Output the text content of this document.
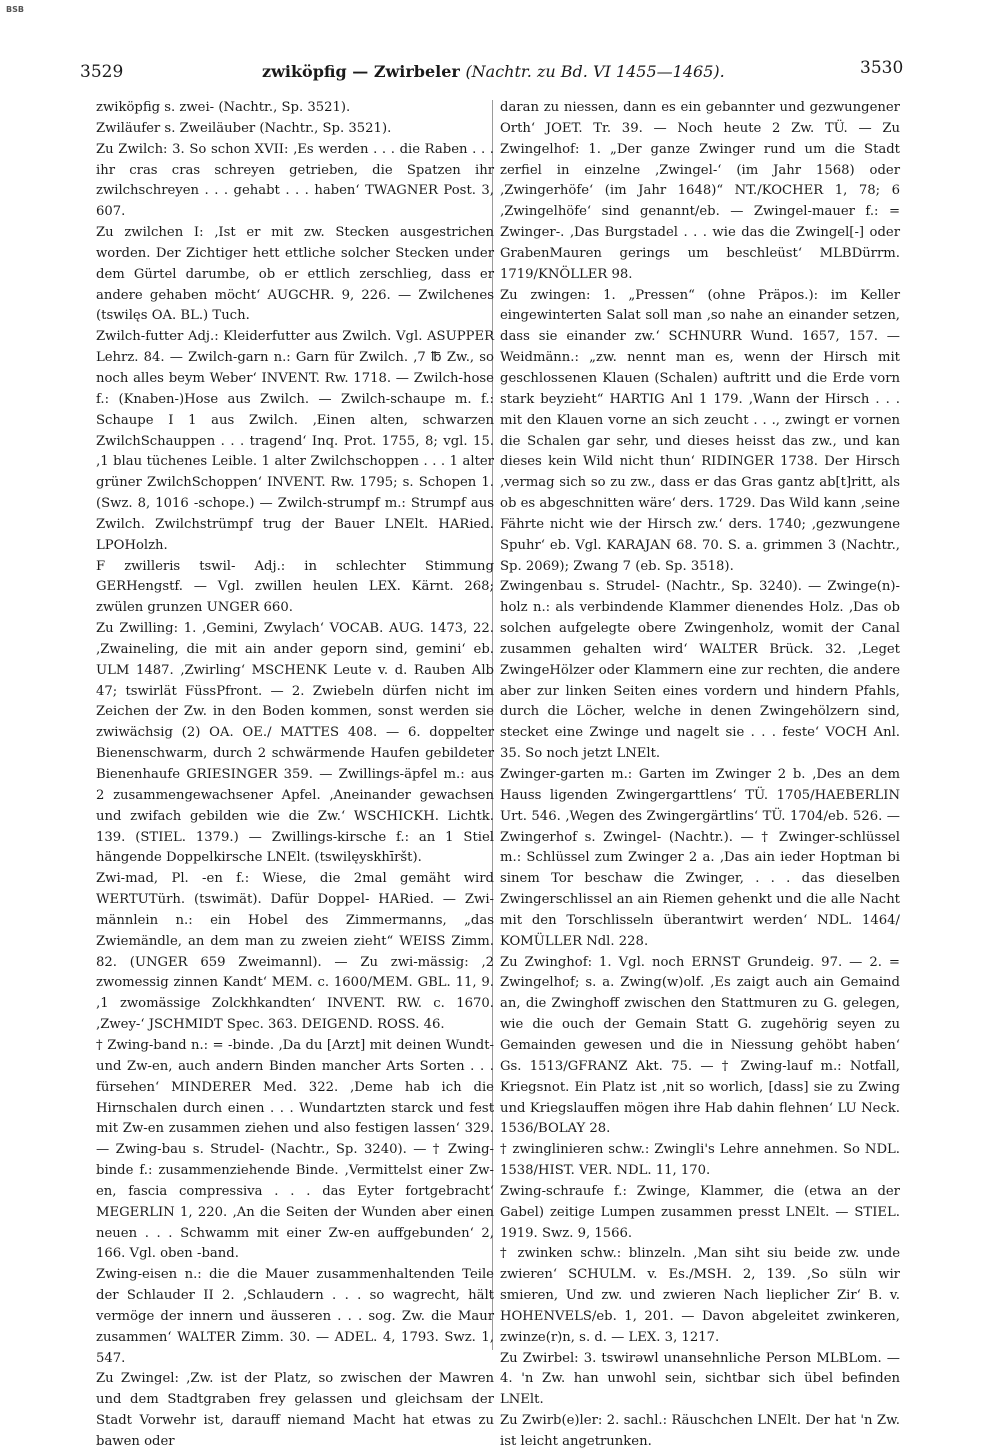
BSB
3529	zwiköpfig — Zwirbeler (Nachtr. zu Bd. VI 1455—1465).	3530

zwiköpfig s. zwei- (Nachtr., Sp. 3521).

Zwiläufer s. Zweiläuber (Nachtr., Sp. 3521).

Zu Zwilch: 3. So schon XVII: ‚Es werden . . . die Raben . . . ihr cras cras schreyen getrieben, die Spatzen ihr zwilchschreyen . . . gehabt . . . haben‘ TWAGNER Post. 3, 607.

Zu zwilchen I: ‚Ist er mit zw. Stecken ausgestrichen worden. Der Zichtiger hett ettliche solcher Stecken under dem Gürtel darumbe, ob er ettlich zerschlieg, dass er andere gehaben möcht‘ AUGCHR. 9, 226. — Zwilchenes (tswilęs OA. BL.) Tuch.

Zwilch-futter Adj.: Kleiderfutter aus Zwilch. Vgl. ASUPPER Lehrz. 84. — Zwilch-garn n.: Garn für Zwilch. ‚7 ℔ Zw., so noch alles beym Weber‘ INVENT. Rw. 1718. — Zwilch-hose f.: (Knaben-)Hose aus Zwilch. — Zwilch-schaupe m. f.: Schaupe I 1 aus Zwilch. ‚Einen alten, schwarzen ZwilchSchauppen . . . tragend‘ Inq. Prot. 1755, 8; vgl. 15. ‚1 blau tüchenes Leible. 1 alter Zwilchschoppen . . . 1 alter grüner ZwilchSchoppen‘ INVENT. Rw. 1795; s. Schopen 1. (Swz. 8, 1016 -schope.) — Zwilch-strumpf m.: Strumpf aus Zwilch. Zwilchstrümpf trug der Bauer LNElt. HARied. LPOHolzh.

F zwilleris tswil- Adj.: in schlechter Stimmung GERHengstf. — Vgl. zwillen heulen LEX. Kärnt. 268; zwülen grunzen UNGER 660.

Zu Zwilling: 1. ‚Gemini, Zwylach‘ VOCAB. AUG. 1473, 22. ‚Zwaineling, die mit ain ander geporn sind, gemini‘ eb. ULM 1487. ‚Zwirling‘ MSCHENK Leute v. d. Rauben Alb 47; tswirlät FüssPfront. — 2. Zwiebeln dürfen nicht im Zeichen der Zw. in den Boden kommen, sonst werden sie zwiwächsig (2) OA. OE./ MATTES 408. — 6. doppelter Bienenschwarm, durch 2 schwärmende Haufen gebildeter Bienenhaufe GRIESINGER 359. — Zwillings-äpfel m.: aus 2 zusammengewachsener Apfel. ‚Aneinander gewachsen und zwifach gebilden wie die Zw.‘ WSCHICKH. Lichtk. 139. (STIEL. 1379.) — Zwillings-kirsche f.: an 1 Stiel hängende Doppelkirsche LNElt. (tswilęyskhīršt).

Zwi-mad, Pl. -en f.: Wiese, die 2mal gemäht wird WERTUTürh. (tswimät). Dafür Doppel- HARied. — Zwi-männlein n.: ein Hobel des Zimmermanns, „das Zwiemändle, an dem man zu zweien zieht“ WEISS Zimm. 82. (UNGER 659 Zweimannl). — Zu zwi-mässig: ‚2 zwomessig zinnen Kandt‘ MEM. c. 1600/MEM. GBL. 11, 9. ‚1 zwomässige Zolckhkandten‘ INVENT. RW. c. 1670. ‚Zwey-‘ JSCHMIDT Spec. 363. DEIGEND. ROSS. 46.

† Zwing-band n.: = -binde. ‚Da du [Arzt] mit deinen Wundt- und Zw-en, auch andern Binden mancher Arts Sorten . . . fürsehen‘ MINDERER Med. 322. ‚Deme hab ich die Hirnschalen durch einen . . . Wundartzten starck und fest mit Zw-en zusammen ziehen und also festigen lassen‘ 329. — Zwing-bau s. Strudel- (Nachtr., Sp. 3240). — † Zwing-binde f.: zusammenziehende Binde. ‚Vermittelst einer Zw-en, fascia compressiva . . . das Eyter fortgebracht‘ MEGERLIN 1, 220. ‚An die Seiten der Wunden aber einen neuen . . . Schwamm mit einer Zw-en auffgebunden‘ 2, 166. Vgl. oben -band.

Zwing-eisen n.: die die Mauer zusammenhaltenden Teile der Schlauder II 2. ‚Schlaudern . . . so wagrecht, hält vermöge der innern und äusseren . . . sog. Zw. die Maur zusammen‘ WALTER Zimm. 30. — ADEL. 4, 1793. Swz. 1, 547.

Zu Zwingel: ‚Zw. ist der Platz, so zwischen der Mawren und dem Stadtgraben frey gelassen und gleichsam der Stadt Vorwehr ist, darauff niemand Macht hat etwas zu bawen oder

daran zu niessen, dann es ein gebannter und gezwungener Orth‘ JOET. Tr. 39. — Noch heute 2 Zw. TÜ. — Zu Zwingelhof: 1. „Der ganze Zwinger rund um die Stadt zerfiel in einzelne ‚Zwingel-‘ (im Jahr 1568) oder ‚Zwingerhöfe‘ (im Jahr 1648)“ NT./KOCHER 1, 78; 6 ‚Zwingelhöfe‘ sind genannt/eb. — Zwingel-mauer f.: = Zwinger-. ‚Das Burgstadel . . . wie das die Zwingel[-] oder GrabenMauren gerings um beschleüst‘ MLBDürrm. 1719/KNÖLLER 98.

Zu zwingen: 1. „Pressen“ (ohne Präpos.): im Keller eingewinterten Salat soll man ‚so nahe an einander setzen, dass sie einander zw.‘ SCHNURR Wund. 1657, 157. — Weidmänn.: „zw. nennt man es, wenn der Hirsch mit geschlossenen Klauen (Schalen) auftritt und die Erde vorn stark beyzieht“ HARTIG Anl 1 179. ‚Wann der Hirsch . . . mit den Klauen vorne an sich zeucht . . ., zwingt er vornen die Schalen gar sehr, und dieses heisst das zw., und kan dieses kein Wild nicht thun‘ RIDINGER 1738. Der Hirsch ‚vermag sich so zu zw., dass er das Gras gantz ab[t]ritt, als ob es abgeschnitten wäre‘ ders. 1729. Das Wild kann ‚seine Fährte nicht wie der Hirsch zw.‘ ders. 1740; ‚gezwungene Spuhr‘ eb. Vgl. KARAJAN 68. 70. S. a. grimmen 3 (Nachtr., Sp. 2069); Zwang 7 (eb. Sp. 3518).

Zwingenbau s. Strudel- (Nachtr., Sp. 3240). — Zwinge(n)-holz n.: als verbindende Klammer dienendes Holz. ‚Das ob solchen aufgelegte obere Zwingenholz, womit der Canal zusammen gehalten wird‘ WALTER Brück. 32. ‚Leget ZwingeHölzer oder Klammern eine zur rechten, die andere aber zur linken Seiten eines vordern und hindern Pfahls, durch die Löcher, welche in denen Zwingehölzern sind, stecket eine Zwinge und nagelt sie . . . feste‘ VOCH Anl. 35. So noch jetzt LNElt.

Zwinger-garten m.: Garten im Zwinger 2 b. ‚Des an dem Hauss ligenden Zwingergarttlens‘ TÜ. 1705/HAEBERLIN Urt. 546. ‚Wegen des Zwingergärtlins‘ TÜ. 1704/eb. 526. — Zwingerhof s. Zwingel- (Nachtr.). — † Zwinger-schlüssel m.: Schlüssel zum Zwinger 2 a. ‚Das ain ieder Hoptman bi sinem Tor beschaw die Zwinger, . . . das dieselben Zwingerschlissel an ain Riemen gehenkt und die alle Nacht mit den Torschlisseln überantwirt werden‘ NDL. 1464/ KOMÜLLER Ndl. 228.

Zu Zwinghof: 1. Vgl. noch ERNST Grundeig. 97. — 2. = Zwingelhof; s. a. Zwing(w)olf. ‚Es zaigt auch ain Gemaind an, die Zwinghoff zwischen den Stattmuren zu G. gelegen, wie die ouch der Gemain Statt G. zugehörig seyen zu Gemainden gewesen und die in Niessung gehöbt haben‘ Gs. 1513/GFRANZ Akt. 75. — † Zwing-lauf m.: Notfall, Kriegsnot. Ein Platz ist ‚nit so worlich, [dass] sie zu Zwing und Kriegslauffen mögen ihre Hab dahin flehnen‘ LU Neck. 1536/BOLAY 28.

† zwinglinieren schw.: Zwingli's Lehre annehmen. So NDL. 1538/HIST. VER. NDL. 11, 170.

Zwing-schraufe f.: Zwinge, Klammer, die (etwa an der Gabel) zeitige Lumpen zusammen presst LNElt. — STIEL. 1919. Swz. 9, 1566.

† zwinken schw.: blinzeln. ‚Man siht siu beide zw. unde zwieren‘ SCHULM. v. Es./MSH. 2, 139. ‚So süln wir smieren, Und zw. und zwieren Nach lieplicher Zir‘ B. v. HOHENVELS/eb. 1, 201. — Davon abgeleitet zwinkeren, zwinze(r)n, s. d. — LEX. 3, 1217.

Zu Zwirbel: 3. tswirəwl unansehnliche Person MLBLom. — 4. 'n Zw. han unwohl sein, sichtbar sich übel befinden LNElt.

Zu Zwirb(e)ler: 2. sachl.: Räuschchen LNElt. Der hat 'n Zw. ist leicht angetrunken.
